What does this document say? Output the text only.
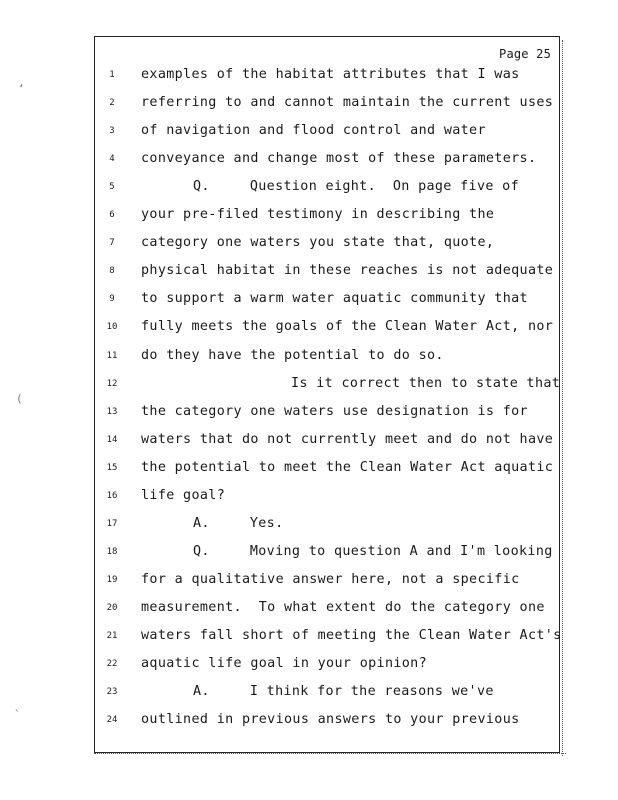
Page 25
1	examples of the habitat attributes that I was
2	referring to and cannot maintain the current uses
3	of navigation and flood control and water
4	conveyance and change most of these parameters.
5	Q.	Question eight.  On page five of
6	your pre-filed testimony in describing the
7	category one waters you state that, quote,
8	physical habitat in these reaches is not adequate
9	to support a warm water aquatic community that
10	fully meets the goals of the Clean Water Act, nor
11	do they have the potential to do so.
12	Is it correct then to state that
13	the category one waters use designation is for
14	waters that do not currently meet and do not have
15	the potential to meet the Clean Water Act aquatic
16	life goal?
17	A.	Yes.
18	Q.	Moving to question A and I'm looking
19	for a qualitative answer here, not a specific
20	measurement.  To what extent do the category one
21	waters fall short of meeting the Clean Water Act's
22	aquatic life goal in your opinion?
23	A.	I think for the reasons we've
24	outlined in previous answers to your previous
‘
(
`
